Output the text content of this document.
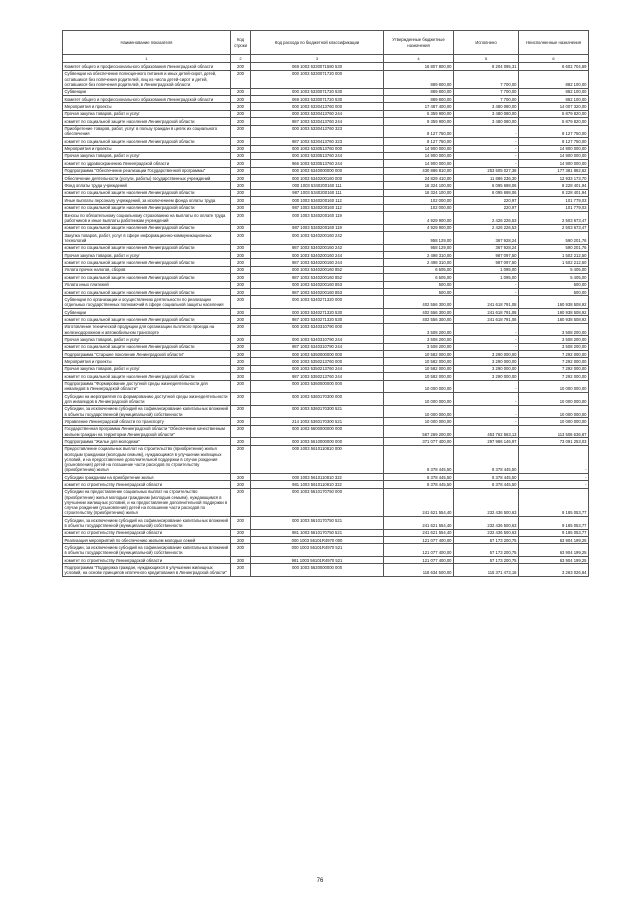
Наименование показателя	Код строки	Код расхода по бюджетной классификации	Утвержденные бюджетные назначения	Исполнено	Неисполненные назначения
1	2	3	4	5	6
Комитет общего и профессионального образования Ленинградской области	200	069 1003 5330071580 530	16 807 800,00	8 204 095,31	6 602 704,69
Субвенции на обеспечение полноценного питания и иных детей-сирот, детей, оставшихся без попечения родителей, лиц из числа детей-сирот и детей, оставшихся без попечения родителей, в Ленинградской области	200	000 1003 5330071720 000	889 800,00	7 700,00	882 100,00
Субвенции	200	000 1003 5330071720 530	889 800,00	7 700,00	882 100,00
Комитет общего и профессионального образования Ленинградской области	200	069 1003 5330071720 530	889 800,00	7 700,00	882 100,00
Мероприятия и проекты	200	000 1003 5330413760 000	17 487 400,00	3 480 080,00	14 007 320,00
Прочая закупка товаров, работ и услуг	200	000 1003 5330413760 244	5 359 900,00	3 480 080,00	5 879 820,00
комитет по социальной защите населения Ленинградской области	200	987 1003 5330413760 244	9 359 900,00	3 480 080,00	5 879 820,00
Приобретение товаров, работ, услуг в пользу граждан в целях их социального обеспечения	200	000 1003 5330413760 323	8 127 750,00	-	8 127 750,00
комитет по социальной защите населения Ленинградской области	200	987 1003 5330413760 323	8 127 750,00	-	8 127 750,00
Мероприятия и проекты	200	000 1003 5330513760 000	14 900 000,00	-	14 900 000,00
Прочая закупка товаров, работ и услуг	200	000 1003 5330513760 244	14 900 000,00	-	14 900 000,00
комитет по здравоохранению Ленинградской области	200	966 1003 5330513760 244	14 900 000,00	-	14 900 000,00
Подпрограмма "Обеспечение реализации Государственной программы"	200	000 1003 5340000000 000	430 886 810,00	253 505 027,38	177 381 882,62
Обеспечение деятельности (услуги, работы) государственных учреждений	200	000 1003 5340200160 000	24 829 410,00	11 886 236,30	12 933 173,70
Фонд оплаты труда учреждений	200	000 1003 5340200160 111	16 324 100,00	6 095 698,06	8 228 401,94
комитет по социальной защите населения Ленинградской области	200	987 1003 5340200160 111	16 324 100,00	6 095 698,06	8 228 401,94
Иные выплаты персоналу учреждений, за исключением фонда оплаты труда	200	000 1003 5340200160 112	102 000,00	220,97	101 779,03
комитет по социальной защите населения Ленинградской области	200	987 1003 5340200160 112	102 000,00	220,97	101 779,03
Взносы по обязательному социальному страхованию на выплаты по оплате труда работников и иные выплаты работникам учреждений	200	000 1003 5340200160 119	4 929 900,00	2 426 226,53	2 503 673,47
комитет по социальной защите населения Ленинградской области	200	987 1003 5340200160 119	4 929 900,00	2 426 226,53	2 503 673,47
Закупка товаров, работ, услуг в сфере информационно-коммуникационных технологий	200	000 1003 5340200160 242	958 129,00	367 928,24	590 201,76
комитет по социальной защите населения Ленинградской области	200	987 1003 5340200160 242	958 129,00	367 928,24	590 201,76
Прочая закупка товаров, работ и услуг	200	000 1003 5340200160 244	2 498 310,00	987 097,50	1 502 212,50
комитет по социальной защите населения Ленинградской области	200	987 1003 5340200160 244	2 498 310,00	987 097,50	1 502 212,50
Уплата прочих налогов, сборов	200	000 1003 5340200160 852	6 505,00	1 095,00	5 405,00
комитет по социальной защите населения Ленинградской области	200	987 1003 5340200160 852	6 505,00	1 095,00	5 405,00
Уплата иных платежей	200	000 1003 5340200160 853	500,00	-	500,00
комитет по социальной защите населения Ленинградской области	200	987 1003 5340200160 853	500,00	-	500,00
Субвенции по организации и осуществлению деятельности по реализации отдельных государственных полномочий в сфере социальной защиты населения	200	000 1003 5340271320 000	402 556 300,00	241 618 791,08	160 938 508,92
Субвенции	200	000 1003 5340271320 530	402 556 300,00	241 618 791,08	160 938 508,92
комитет по социальной защите населения Ленинградской области	200	987 1003 5340271320 530	402 556 300,00	241 618 791,08	160 938 508,92
Изготовление технической продукции для организации льготного проезда на железнодорожном и автомобильном транспорте	200	000 1003 5340310790 000	3 508 200,00	-	3 508 200,00
Прочая закупка товаров, работ и услуг	200	000 1003 5340310790 244	3 508 200,00	-	3 508 200,00
комитет по социальной защите населения Ленинградской области	200	987 1003 5340310790 244	3 508 200,00	-	3 508 200,00
Подпрограмма "Старшее поколение Ленинградской области"	200	000 1003 5350000000 000	10 582 000,00	3 290 000,00	7 292 000,00
Мероприятия и проекты	200	000 1003 5350213760 000	10 582 000,00	3 290 000,00	7 292 000,00
Прочая закупка товаров, работ и услуг	200	000 1003 5350213760 244	10 582 000,00	3 290 000,00	7 292 000,00
комитет по социальной защите населения Ленинградской области	200	987 1003 5350213760 244	10 582 000,00	3 290 000,00	7 292 000,00
Подпрограмма "Формирование доступной среды жизнедеятельности для инвалидов в Ленинградской области"	200	000 1003 5360000000 000	10 000 000,00	-	10 000 000,00
Субсидии на мероприятия по формированию доступной среды жизнедеятельности для инвалидов в Ленинградской области	200	000 1003 5360170300 000	10 000 000,00	-	10 000 000,00
Субсидии, за исключением субсидий на софинансирование капитальных вложений в объекты государственной (муниципальной) собственности	200	000 1003 5360170300 521	10 000 000,00	-	10 000 000,00
Управление Ленинградской области по транспорту	200	214 1003 5360170300 521	10 000 000,00	-	10 000 000,00
Государственная программа Ленинградской области "Обеспечение качественным жильем граждан на территории Ленинградской области"	200	000 1003 5600000000 000	567 269 200,00	453 762 563,13	113 506 636,87
Подпрограмма "Жилье для молодежи"	200	000 1003 5610000000 000	371 077 400,00	297 986 146,97	73 091 253,03
Предоставление социальных выплат на строительство (приобретение) жилья молодым гражданам (молодым семьям), нуждающимся в улучшении жилищных условий, и на предоставление дополнительной поддержки в случае рождения (усыновления) детей на погашение части расходов по строительству (приобретению) жилья	200	000 1003 5610110810 000	8 378 445,50	8 378 445,50	-
Субсидии гражданам на приобретение жилья	200	000 1003 5610110810 322	8 378 445,50	8 378 445,50	-
комитет по строительству Ленинградской области	200	981 1003 5610110810 322	8 378 445,50	8 378 445,50	-
Субсидии на предоставление социальных выплат на строительство (приобретение) жилья молодым гражданам (молодым семьям), нуждающимся в улучшении жилищных условий, и на предоставление дополнительной поддержки в случае рождения (усыновления) детей на погашение части расходов по строительству (приобретению) жилья	200	000 1003 5610170750 000	241 621 554,40	232 436 500,63	9 185 053,77
Субсидии, за исключением субсидий на софинансирование капитальных вложений в объекты государственной (муниципальной) собственности	200	000 1003 5610170750 521	241 621 554,40	232 436 500,63	9 185 053,77
комитет по строительству Ленинградской области	200	981 1003 5610170750 521	241 621 554,40	232 436 500,63	9 185 053,77
Реализация мероприятий по обеспечению жильем молодых семей	200	000 1003 56101R4970 000	121 077 400,00	57 173 200,75	63 904 199,25
Субсидии, за исключением субсидий на софинансирование капитальных вложений в объекты государственной (муниципальной) собственности	200	000 1003 56101R4970 521	121 077 400,00	57 173 200,75	63 904 199,25
комитет по строительству Ленинградской области	200	981 1003 56101R4970 521	121 077 400,00	57 173 200,75	63 904 199,25
Подпрограмма "Поддержка граждан, нуждающихся в улучшении жилищных условий, на основе принципов ипотечного кредитования в Ленинградской области"	200	000 1003 5620000000 000	118 634 500,00	115 371 473,16	3 263 026,84
76
